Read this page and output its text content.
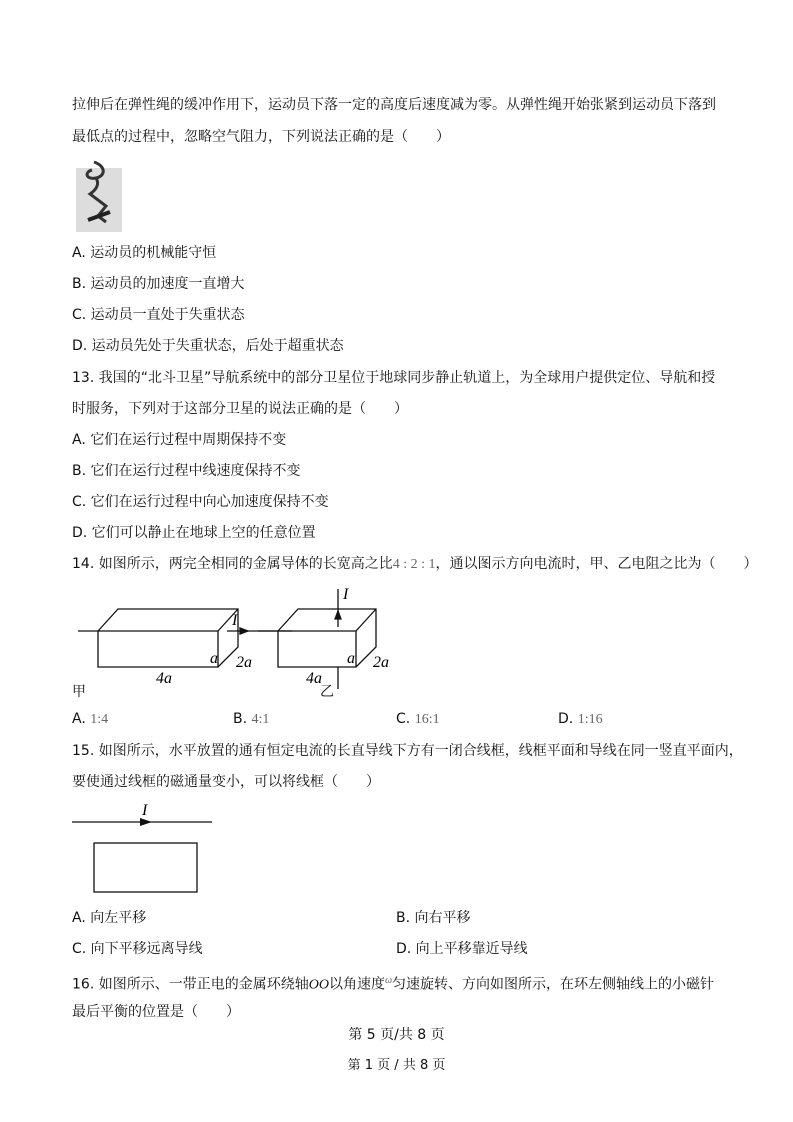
拉伸后在弹性绳的缓冲作用下，运动员下落一定的高度后速度减为零。从弹性绳开始张紧到运动员下落到
最低点的过程中，忽略空气阻力，下列说法正确的是（　　）
A. 运动员的机械能守恒
B. 运动员的加速度一直增大
C. 运动员一直处于失重状态
D. 运动员先处于失重状态，后处于超重状态
13. 我国的“北斗卫星”导航系统中的部分卫星位于地球同步静止轨道上，为全球用户提供定位、导航和授
时服务，下列对于这部分卫星的说法正确的是（　　）
A. 它们在运行过程中周期保持不变
B. 它们在运行过程中线速度保持不变
C. 它们在运行过程中向心加速度保持不变
D. 它们可以静止在地球上空的任意位置
14. 如图所示，两完全相同的金属导体的长宽高之比4 : 2 : 1，通以图示方向电流时，甲、乙电阻之比为（　　）
I
a 2a
4a
I
a 2a
4a
甲	乙
A. 1:4	B. 4:1	C. 16:1	D. 1:16
15. 如图所示，水平放置的通有恒定电流的长直导线下方有一闭合线框，线框平面和导线在同一竖直平面内，
要使通过线框的磁通量变小，可以将线框（　　）
I
A. 向左平移	B. 向右平移
C. 向下平移远离导线	D. 向上平移靠近导线
16. 如图所示、一带正电的金属环绕轴OO以角速度$^\omega$匀速旋转、方向如图所示，在环左侧轴线上的小磁针
最后平衡的位置是（　　）
第 5 页/共 8 页
第 1 页 / 共 8 页
